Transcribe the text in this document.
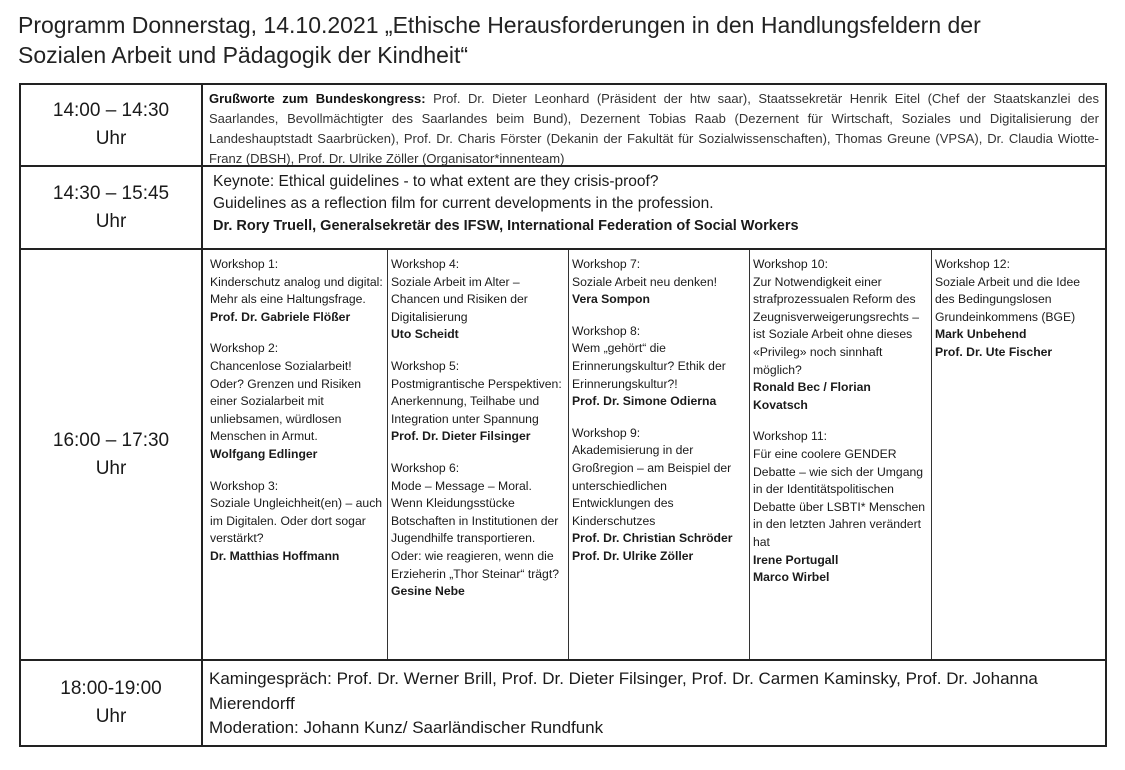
Programm Donnerstag, 14.10.2021 „Ethische Herausforderungen in den Handlungsfeldern der
Sozialen Arbeit und Pädagogik der Kindheit“
14:00 – 14:30
Uhr
Grußworte zum Bundeskongress: Prof. Dr. Dieter Leonhard (Präsident der htw saar), Staatssekretär Henrik Eitel (Chef der Staatskanzlei des Saarlandes, Bevollmächtigter des Saarlandes beim Bund), Dezernent Tobias Raab (Dezernent für Wirtschaft, Soziales und Digitalisierung der Landeshauptstadt Saarbrücken), Prof. Dr. Charis Förster (Dekanin der Fakultät für Sozialwissenschaften), Thomas Greune (VPSA), Dr. Claudia Wiotte-Franz (DBSH), Prof. Dr. Ulrike Zöller (Organisator*innenteam)
14:30 – 15:45
Uhr
Keynote: Ethical guidelines - to what extent are they crisis-proof?
Guidelines as a reflection film for current developments in the profession.
Dr. Rory Truell, Generalsekretär des IFSW, International Federation of Social Workers
16:00 – 17:30
Uhr
Workshop 1:
Kinderschutz analog und digital: Mehr als eine Haltungsfrage.
Prof. Dr. Gabriele Flößer
Workshop 2:
Chancenlose Sozialarbeit! Oder? Grenzen und Risiken einer Sozialarbeit mit unliebsamen, würdlosen Menschen in Armut.
Wolfgang Edlinger
Workshop 3:
Soziale Ungleichheit(en) – auch im Digitalen. Oder dort sogar verstärkt?
Dr. Matthias Hoffmann
Workshop 4:
Soziale Arbeit im Alter – Chancen und Risiken der Digitalisierung
Uto Scheidt
Workshop 5:
Postmigrantische Perspektiven: Anerkennung, Teilhabe und Integration unter Spannung
Prof. Dr. Dieter Filsinger
Workshop 6:
Mode – Message – Moral. Wenn Kleidungsstücke Botschaften in Institutionen der Jugendhilfe transportieren. Oder: wie reagieren, wenn die Erzieherin „Thor Steinar“ trägt?
Gesine Nebe
Workshop 7:
Soziale Arbeit neu denken!
Vera Sompon
Workshop 8:
Wem „gehört“ die Erinnerungskultur? Ethik der Erinnerungskultur?!
Prof. Dr. Simone Odierna
Workshop 9:
Akademisierung in der Großregion – am Beispiel der unterschiedlichen Entwicklungen des Kinderschutzes
Prof. Dr. Christian Schröder
Prof. Dr. Ulrike Zöller
Workshop 10:
Zur Notwendigkeit einer strafprozessualen Reform des Zeugnisverweigerungsrechts – ist Soziale Arbeit ohne dieses «Privileg» noch sinnhaft möglich?
Ronald Bec / Florian Kovatsch
Workshop 11:
Für eine coolere GENDER Debatte – wie sich der Umgang in der Identitätspolitischen Debatte über LSBTI* Menschen in den letzten Jahren verändert hat
Irene Portugall
Marco Wirbel
Workshop 12:
Soziale Arbeit und die Idee des Bedingungslosen Grundeinkommens (BGE)
Mark Unbehend
Prof. Dr. Ute Fischer
18:00-19:00
Uhr
Kamingespräch: Prof. Dr. Werner Brill, Prof. Dr. Dieter Filsinger, Prof. Dr. Carmen Kaminsky, Prof. Dr. Johanna Mierendorff
Moderation: Johann Kunz/ Saarländischer Rundfunk
